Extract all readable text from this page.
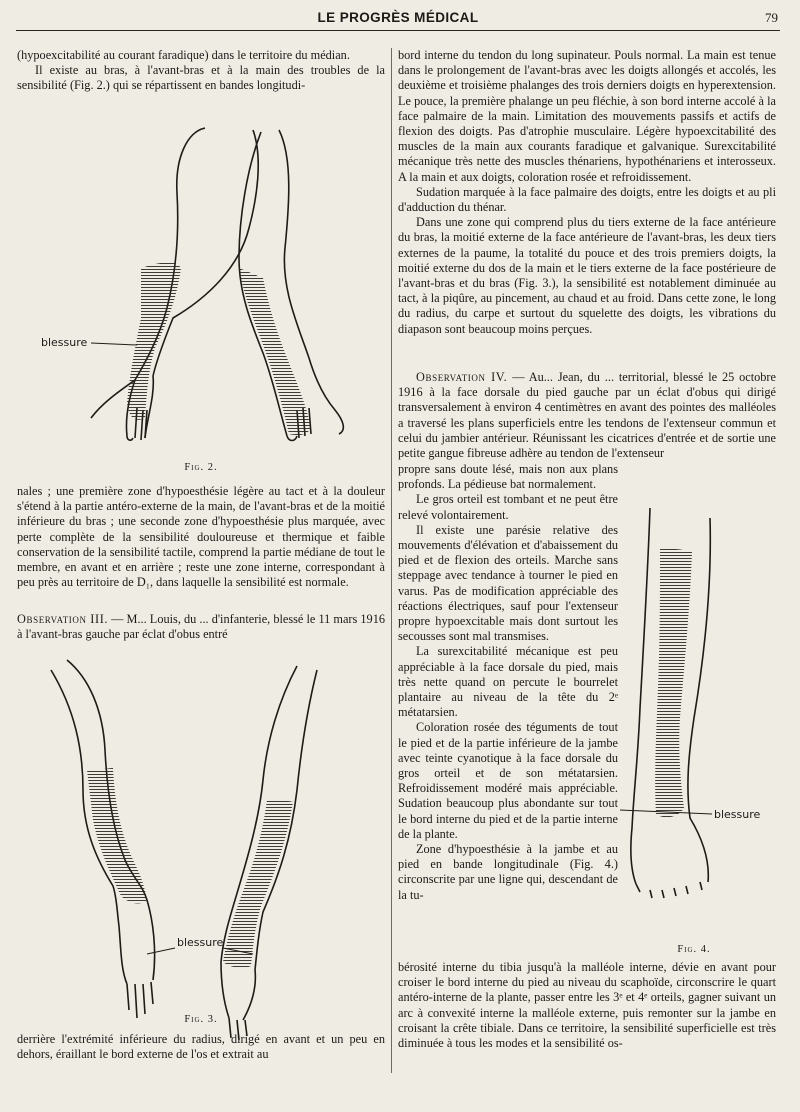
LE PROGRÈS MÉDICAL	79

(hypoexcitabilité au courant faradique) dans le territoire du médian.

Il existe au bras, à l'avant-bras et à la main des troubles de la sensibilité (Fig. 2.) qui se répartissent en bandes longitudi-

blessure
Fig. 2.

nales ; une première zone d'hypoesthésie légère au tact et à la douleur s'étend à la partie antéro-externe de la main, de l'avant-bras et de la moitié inférieure du bras ; une seconde zone d'hypoesthésie plus marquée, avec perte complète de la sensibilité douloureuse et thermique et faible conservation de la sensibilité tactile, comprend la partie médiane de tout le membre, en avant et en arrière ; reste une zone interne, correspondant à peu près au territoire de D₁, dans laquelle la sensibilité est normale.

Observation III. — M... Louis, du ... d'infanterie, blessé le 11 mars 1916 à l'avant-bras gauche par éclat d'obus entré

blessure
Fig. 3.

derrière l'extrémité inférieure du radius, dirigé en avant et un peu en dehors, éraillant le bord externe de l'os et extrait au

bord interne du tendon du long supinateur. Pouls normal. La main est tenue dans le prolongement de l'avant-bras avec les doigts allongés et accolés, les deuxième et troisième phalanges des trois derniers doigts en hyperextension. Le pouce, la première phalange un peu fléchie, à son bord interne accolé à la face palmaire de la main. Limitation des mouvements passifs et actifs de flexion des doigts. Pas d'atrophie musculaire. Légère hypoexcitabilité des muscles de la main aux courants faradique et galvanique. Surexcitabilité mécanique très nette des muscles thénariens, hypothénariens et interosseux. A la main et aux doigts, coloration rosée et refroidissement.

Sudation marquée à la face palmaire des doigts, entre les doigts et au pli d'adduction du thénar.

Dans une zone qui comprend plus du tiers externe de la face antérieure du bras, la moitié externe de la face antérieure de l'avant-bras, les deux tiers externes de la paume, la totalité du pouce et des trois premiers doigts, la moitié externe du dos de la main et le tiers externe de la face postérieure de l'avant-bras et du bras (Fig. 3.), la sensibilité est notablement diminuée au tact, à la piqûre, au pincement, au chaud et au froid. Dans cette zone, le long du radius, du carpe et surtout du squelette des doigts, les vibrations du diapason sont beaucoup moins perçues.

Observation IV. — Au... Jean, du ... territorial, blessé le 25 octobre 1916 à la face dorsale du pied gauche par un éclat d'obus qui dirigé transversalement à environ 4 centimètres en avant des pointes des malléoles a traversé les plans superficiels entre les tendons de l'extenseur commun et celui du jambier antérieur. Réunissant les cicatrices d'entrée et de sortie une petite gangue fibreuse adhère au tendon de l'extenseur

propre sans doute lésé, mais non aux plans profonds. La pédieuse bat normalement.

Le gros orteil est tombant et ne peut être relevé volontairement.

Il existe une parésie relative des mouvements d'élévation et d'abaissement du pied et de flexion des orteils. Marche sans steppage avec tendance à tourner le pied en varus. Pas de modification appréciable des réactions électriques, sauf pour l'extenseur propre hypoexcitable mais dont surtout les secousses sont mal transmises.

La surexcitabilité mécanique est peu appréciable à la face dorsale du pied, mais très nette quand on percute le bourrelet plantaire au niveau de la tête du 2ᵉ métatarsien.

Coloration rosée des téguments de tout le pied et de la partie inférieure de la jambe avec teinte cyanotique à la face dorsale du gros orteil et de son métatarsien. Refroidissement modéré mais appréciable. Sudation beaucoup plus abondante sur tout le bord interne du pied et de la partie interne de la plante.

Zone d'hypoesthésie à la jambe et au pied en bande longitudinale (Fig. 4.) circonscrite par une ligne qui, descendant de la tu-

blessure
Fig. 4.

bérosité interne du tibia jusqu'à la malléole interne, dévie en avant pour croiser le bord interne du pied au niveau du scaphoïde, circonscrire le quart antéro-interne de la plante, passer entre les 3ᵉ et 4ᵉ orteils, gagner suivant un arc à convexité interne la malléole externe, puis remonter sur la jambe en croisant la crête tibiale. Dans ce territoire, la sensibilité superficielle est très diminuée à tous les modes et la sensibilité os-
